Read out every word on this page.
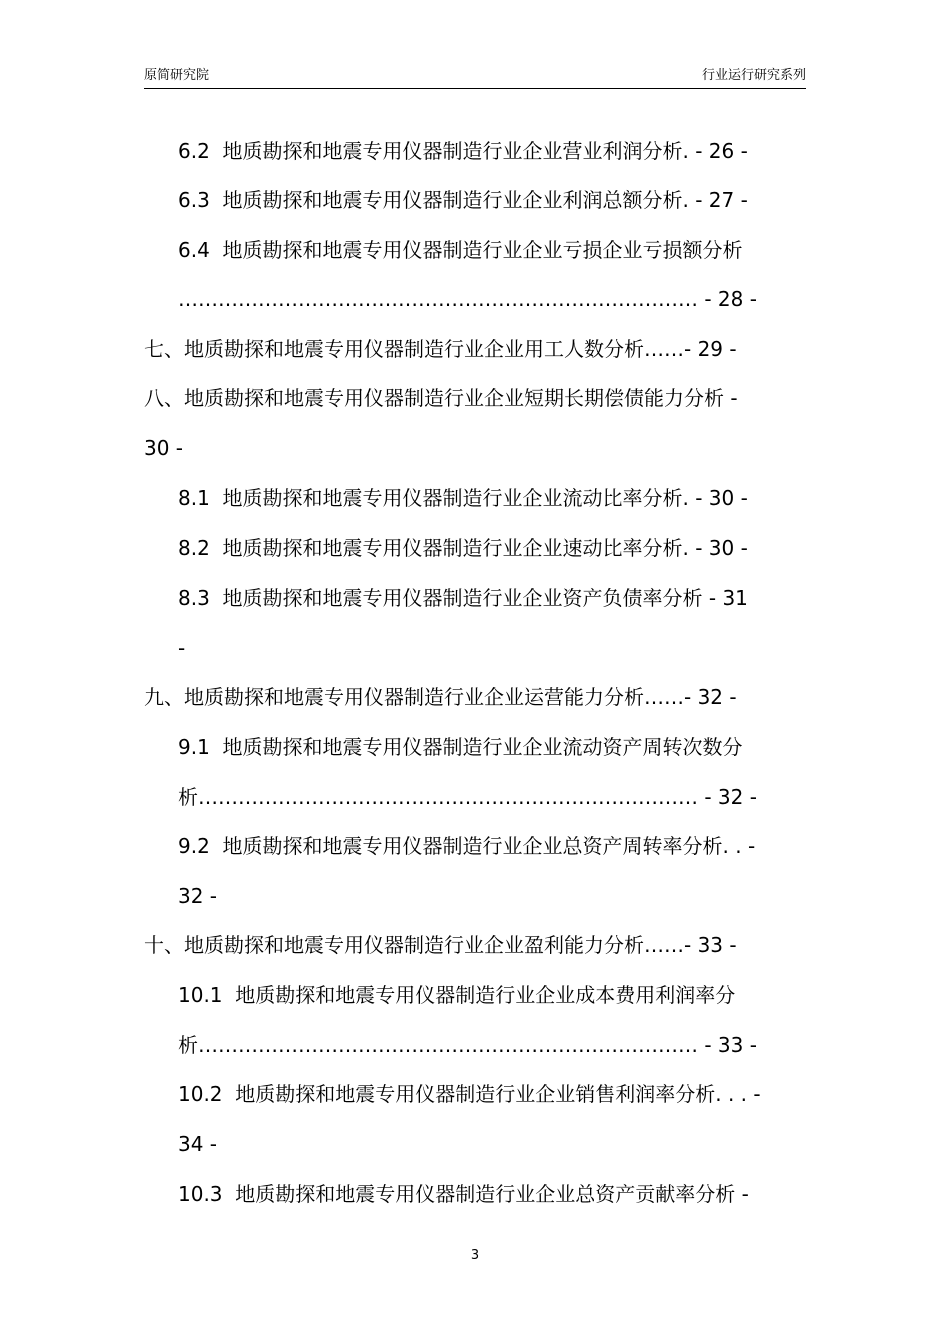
原简研究院	行业运行研究系列
6.2  地质勘探和地震专用仪器制造行业企业营业利润分析. - 26 -
6.3  地质勘探和地震专用仪器制造行业企业利润总额分析. - 27 -
6.4  地质勘探和地震专用仪器制造行业企业亏损企业亏损额分析
…………………………………………………………………… - 28 -
七、地质勘探和地震专用仪器制造行业企业用工人数分析……- 29 -
八、地质勘探和地震专用仪器制造行业企业短期长期偿债能力分析 -
30 -
8.1  地质勘探和地震专用仪器制造行业企业流动比率分析. - 30 -
8.2  地质勘探和地震专用仪器制造行业企业速动比率分析. - 30 -
8.3  地质勘探和地震专用仪器制造行业企业资产负债率分析 - 31
-
九、地质勘探和地震专用仪器制造行业企业运营能力分析……- 32 -
9.1  地质勘探和地震专用仪器制造行业企业流动资产周转次数分
析………………………………………………………………… - 32 -
9.2  地质勘探和地震专用仪器制造行业企业总资产周转率分析. . -
32 -
十、地质勘探和地震专用仪器制造行业企业盈利能力分析……- 33 -
10.1  地质勘探和地震专用仪器制造行业企业成本费用利润率分
析………………………………………………………………… - 33 -
10.2  地质勘探和地震专用仪器制造行业企业销售利润率分析. . . -
34 -
10.3  地质勘探和地震专用仪器制造行业企业总资产贡献率分析 -
3
